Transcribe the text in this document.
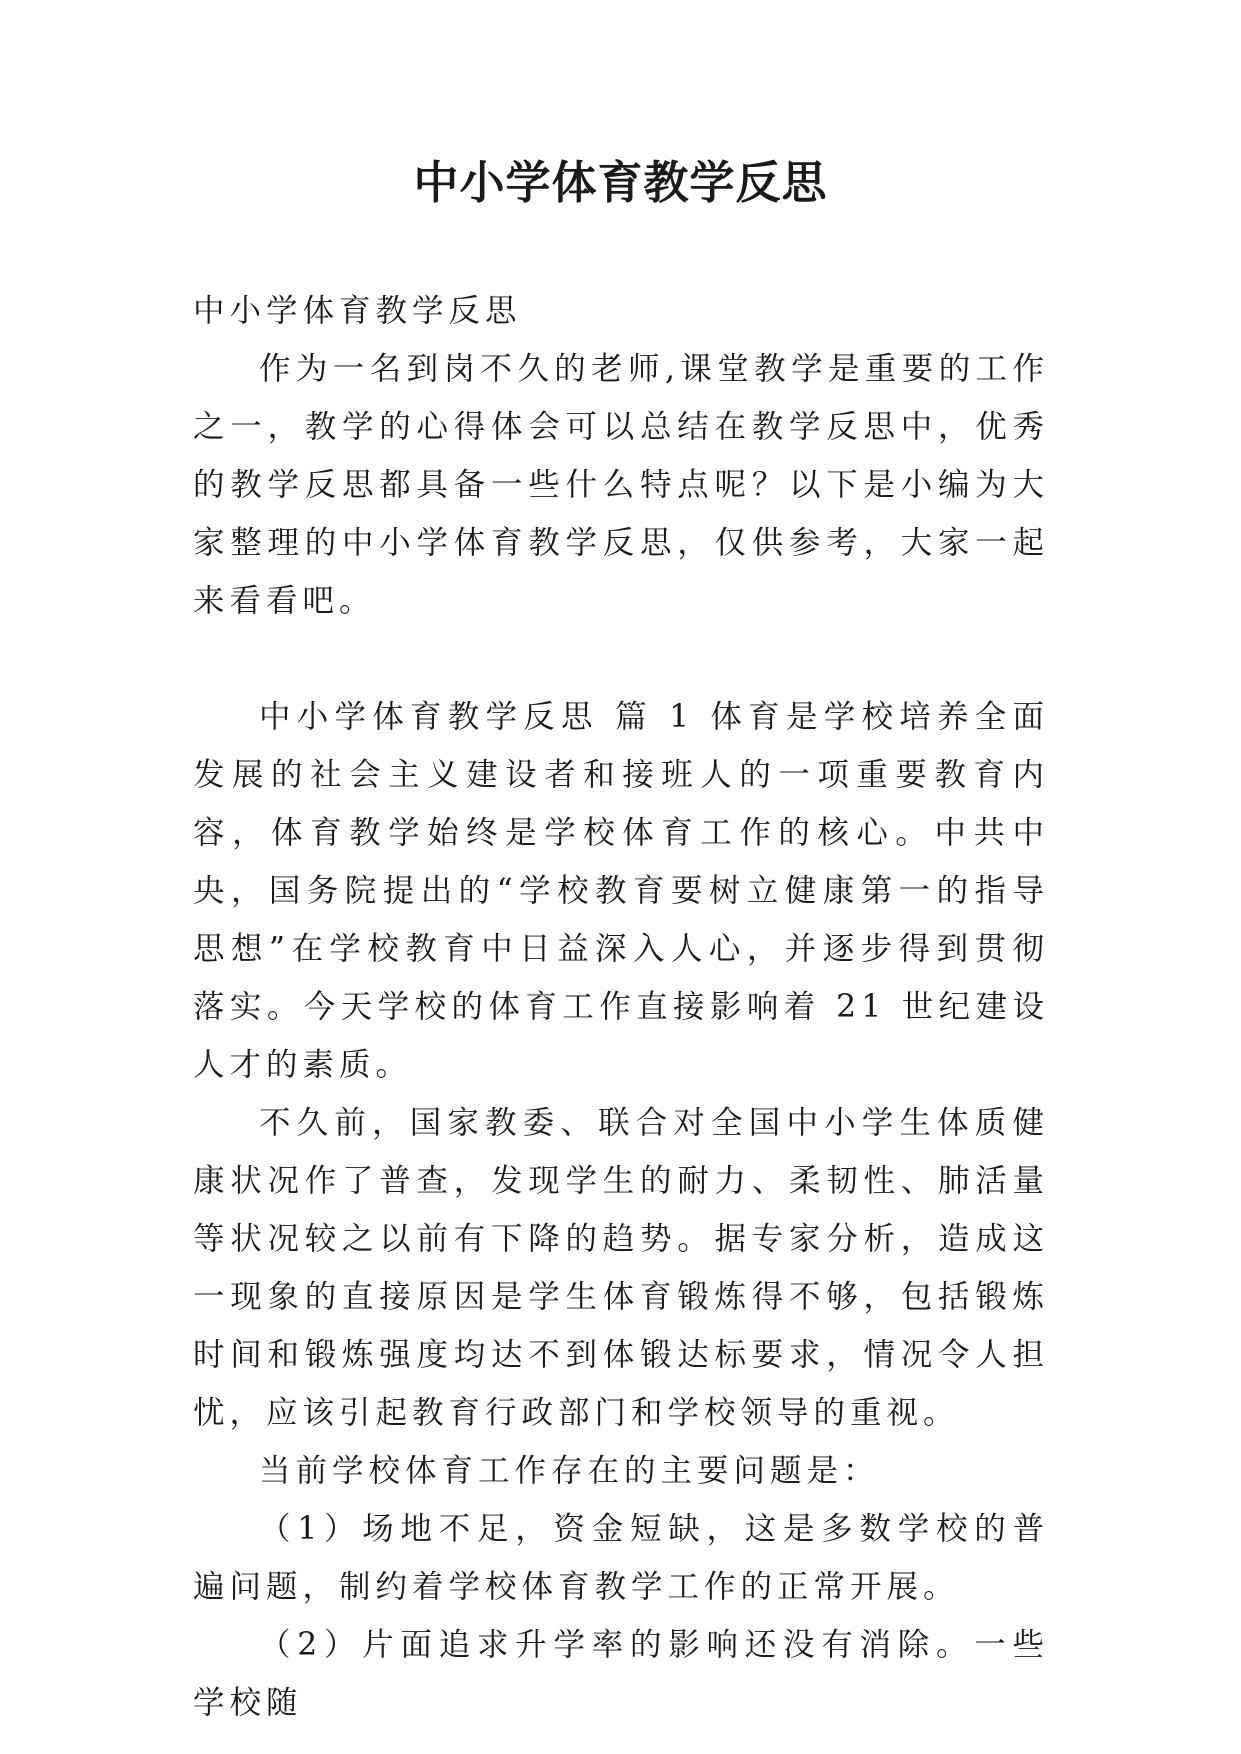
中小学体育教学反思

中小学体育教学反思

作为一名到岗不久的老师,课堂教学是重要的工作之一，教学的心得体会可以总结在教学反思中，优秀的教学反思都具备一些什么特点呢？以下是小编为大家整理的中小学体育教学反思，仅供参考，大家一起来看看吧。

中小学体育教学反思 篇 1 体育是学校培养全面发展的社会主义建设者和接班人的一项重要教育内容，体育教学始终是学校体育工作的核心。中共中央，国务院提出的“学校教育要树立健康第一的指导思想”在学校教育中日益深入人心，并逐步得到贯彻落实。今天学校的体育工作直接影响着 21 世纪建设人才的素质。

不久前，国家教委、联合对全国中小学生体质健康状况作了普查，发现学生的耐力、柔韧性、肺活量等状况较之以前有下降的趋势。据专家分析，造成这一现象的直接原因是学生体育锻炼得不够，包括锻炼时间和锻炼强度均达不到体锻达标要求，情况令人担忧，应该引起教育行政部门和学校领导的重视。

当前学校体育工作存在的主要问题是：

（1）场地不足，资金短缺，这是多数学校的普遍问题，制约着学校体育教学工作的正常开展。

（2）片面追求升学率的影响还没有消除。一些学校随
